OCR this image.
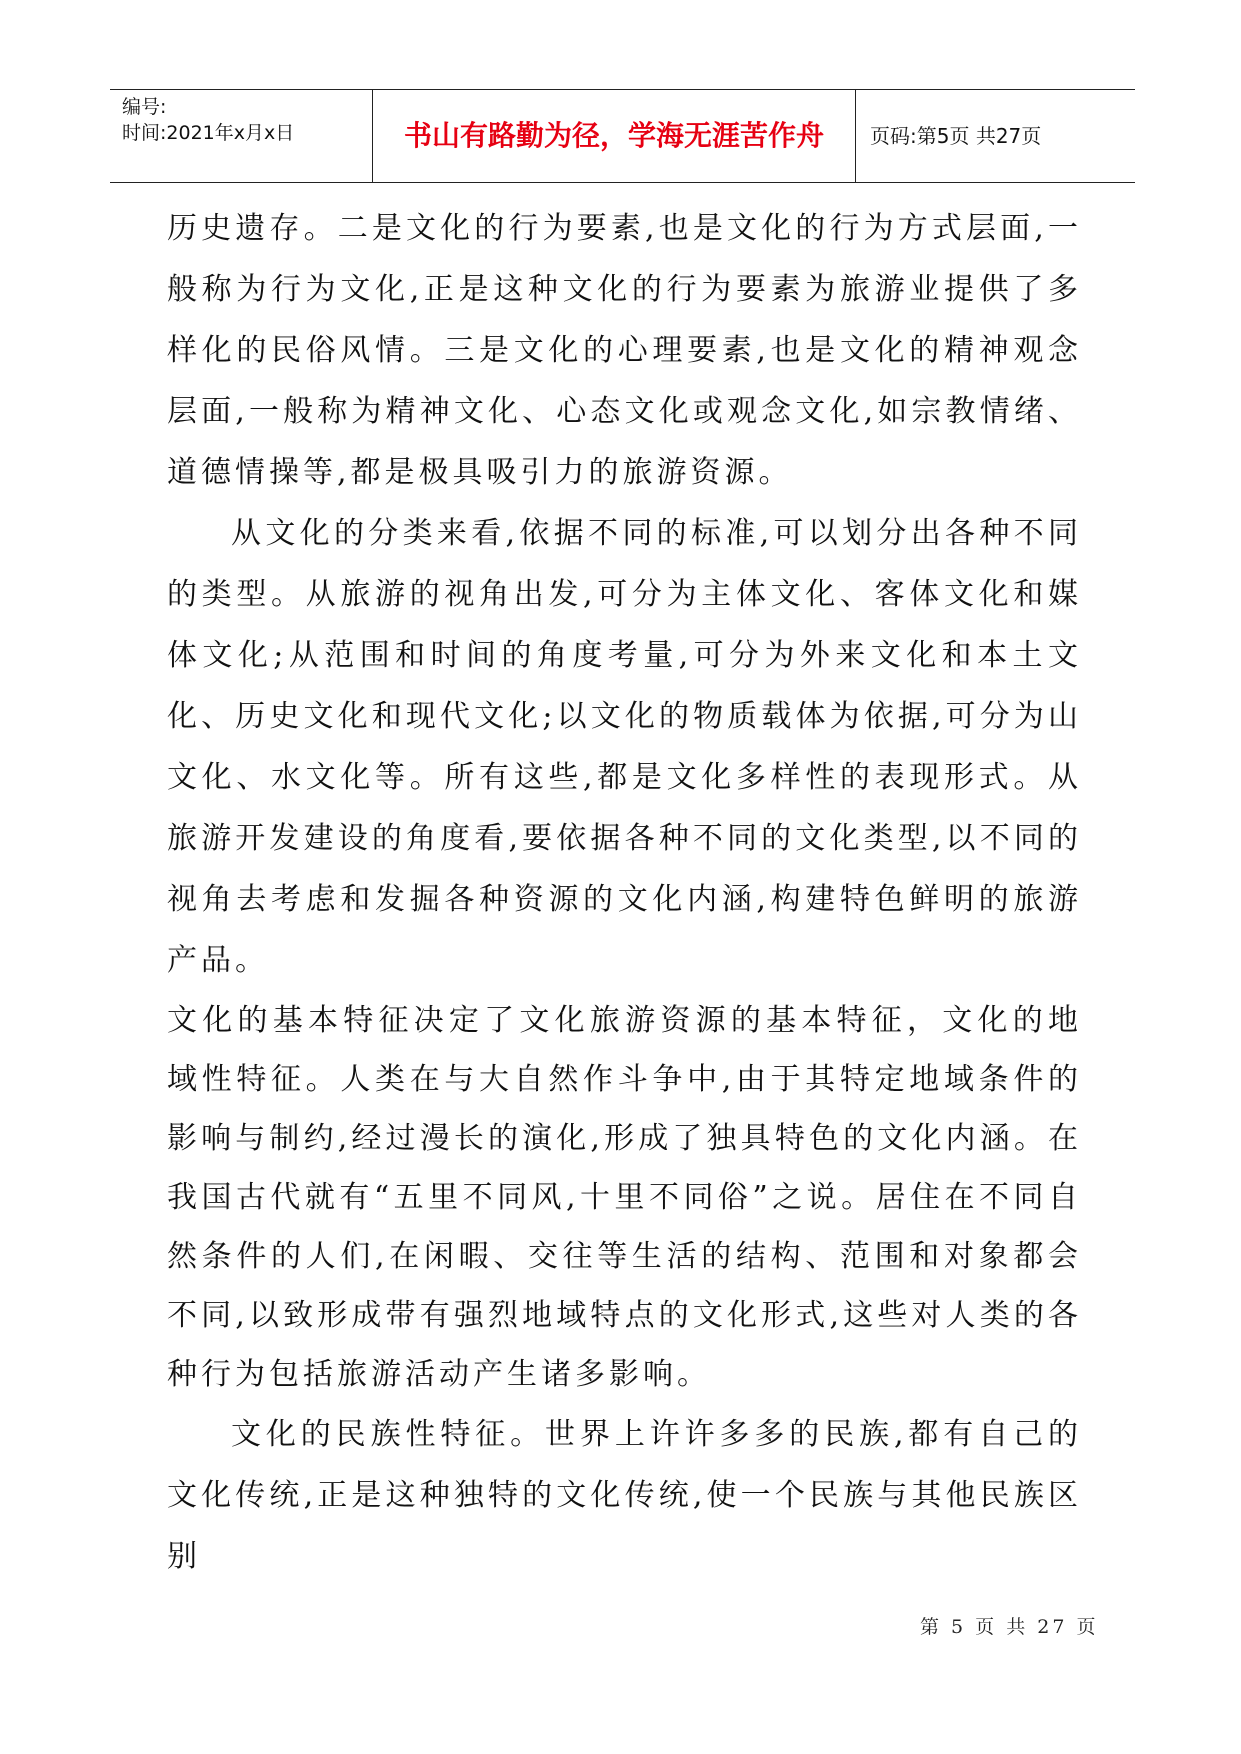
编号:
时间:2021年x月x日	书山有路勤为径，学海无涯苦作舟	页码:第5页 共27页

历史遗存。二是文化的行为要素,也是文化的行为方式层面,一般称为行为文化,正是这种文化的行为要素为旅游业提供了多样化的民俗风情。三是文化的心理要素,也是文化的精神观念层面,一般称为精神文化、心态文化或观念文化,如宗教情绪、道德情操等,都是极具吸引力的旅游资源。

从文化的分类来看,依据不同的标准,可以划分出各种不同的类型。从旅游的视角出发,可分为主体文化、客体文化和媒体文化;从范围和时间的角度考量,可分为外来文化和本土文化、历史文化和现代文化;以文化的物质载体为依据,可分为山文化、水文化等。所有这些,都是文化多样性的表现形式。从旅游开发建设的角度看,要依据各种不同的文化类型,以不同的视角去考虑和发掘各种资源的文化内涵,构建特色鲜明的旅游产品。

文化的基本特征决定了文化旅游资源的基本特征，文化的地域性特征。人类在与大自然作斗争中,由于其特定地域条件的影响与制约,经过漫长的演化,形成了独具特色的文化内涵。在我国古代就有“五里不同风,十里不同俗”之说。居住在不同自然条件的人们,在闲暇、交往等生活的结构、范围和对象都会不同,以致形成带有强烈地域特点的文化形式,这些对人类的各种行为包括旅游活动产生诸多影响。

文化的民族性特征。世界上许许多多的民族,都有自己的文化传统,正是这种独特的文化传统,使一个民族与其他民族区别

第 5 页 共 27 页
